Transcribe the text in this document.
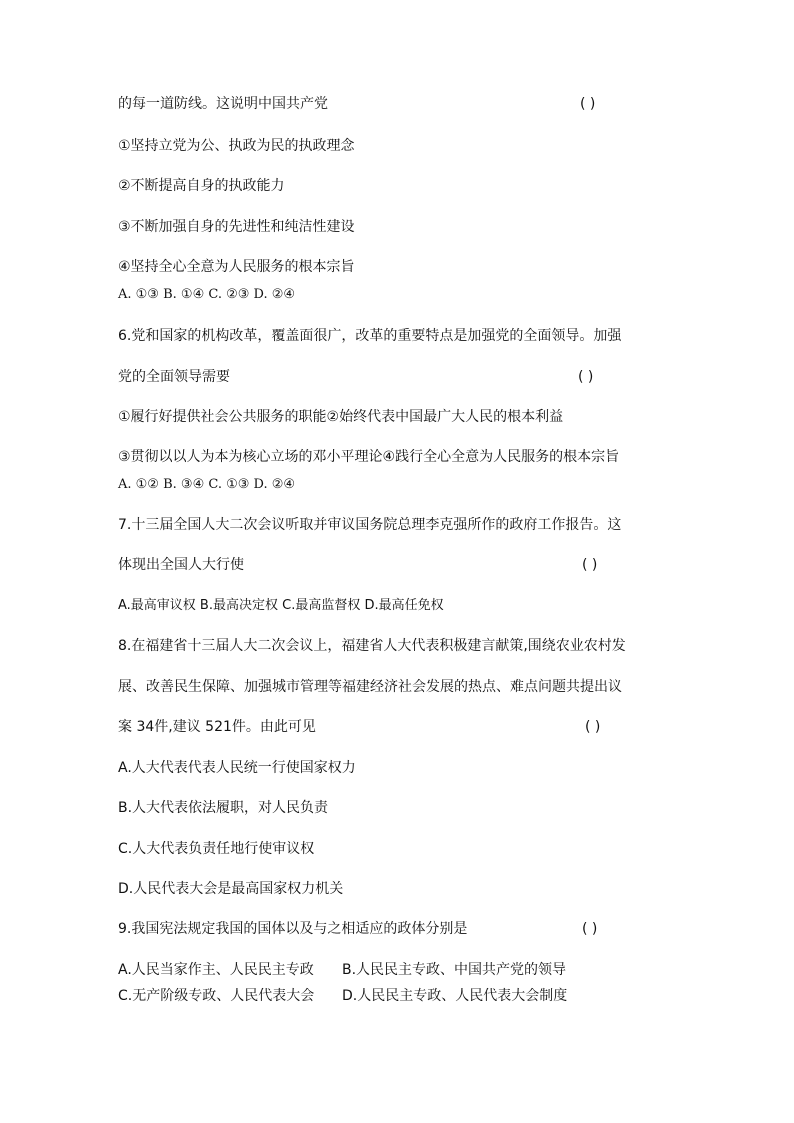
的每一道防线。这说明中国共产党	( )
①坚持立党为公、执政为民的执政理念
②不断提高自身的执政能力
③不断加强自身的先进性和纯洁性建设
④坚持全心全意为人民服务的根本宗旨
A. ①③ B. ①④ C. ②③ D. ②④
6.党和国家的机构改革，覆盖面很广，改革的重要特点是加强党的全面领导。加强
党的全面领导需要	( )
①履行好提供社会公共服务的职能②始终代表中国最广大人民的根本利益
③贯彻以以人为本为核心立场的邓小平理论④践行全心全意为人民服务的根本宗旨
A. ①② B. ③④ C. ①③ D. ②④
7.十三届全国人大二次会议听取并审议国务院总理李克强所作的政府工作报告。这
体现出全国人大行使	( )
A.最高审议权 B.最高决定权 C.最高监督权 D.最高任免权
8.在福建省十三届人大二次会议上，福建省人大代表积极建言献策,围绕农业农村发
展、改善民生保障、加强城市管理等福建经济社会发展的热点、难点问题共提出议
案 34件,建议 521件。由此可见	( )
A.人大代表代表人民统一行使国家权力
B.人大代表依法履职，对人民负责
C.人大代表负责任地行使审议权
D.人民代表大会是最高国家权力机关
9.我国宪法规定我国的国体以及与之相适应的政体分别是	( )
A.人民当家作主、人民民主专政 B.人民民主专政、中国共产党的领导
C.无产阶级专政、人民代表大会 D.人民民主专政、人民代表大会制度
